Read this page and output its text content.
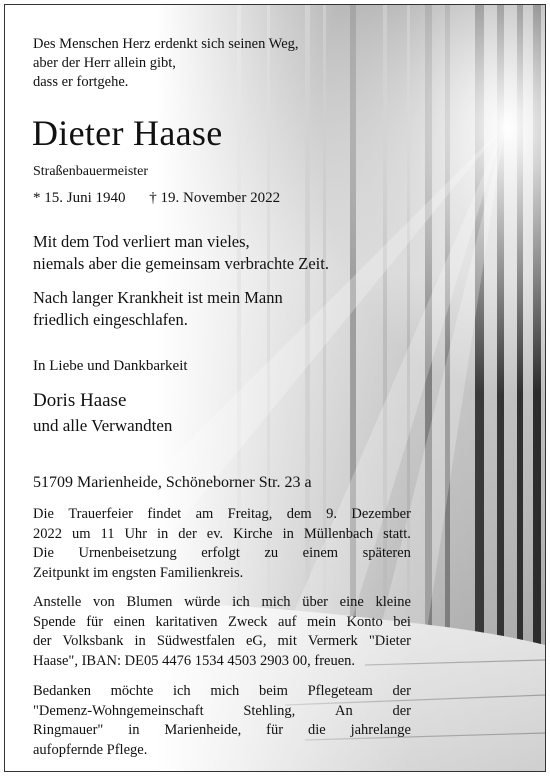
Des Menschen Herz erdenkt sich seinen Weg,
aber der Herr allein gibt,
dass er fortgehe.
Dieter Haase
Straßenbauermeister
* 15. Juni 1940 † 19. November 2022
Mit dem Tod verliert man vieles,
niemals aber die gemeinsam verbrachte Zeit.
Nach langer Krankheit ist mein Mann
friedlich eingeschlafen.
In Liebe und Dankbarkeit
Doris Haase
und alle Verwandten
51709 Marienheide, Schöneborner Str. 23 a
Die Trauerfeier findet am Freitag, dem 9. Dezember
2022 um 11 Uhr in der ev. Kirche in Müllenbach statt.
Die Urnenbeisetzung erfolgt zu einem späteren
Zeitpunkt im engsten Familienkreis.
Anstelle von Blumen würde ich mich über eine kleine
Spende für einen karitativen Zweck auf mein Konto bei
der Volksbank in Südwestfalen eG, mit Vermerk "Dieter
Haase", IBAN: DE05 4476 1534 4503 2903 00, freuen.
Bedanken möchte ich mich beim Pflegeteam der
"Demenz-Wohngemeinschaft	Stehling,	An	der
Ringmauer" in Marienheide, für die jahrelange
aufopfernde Pflege.
